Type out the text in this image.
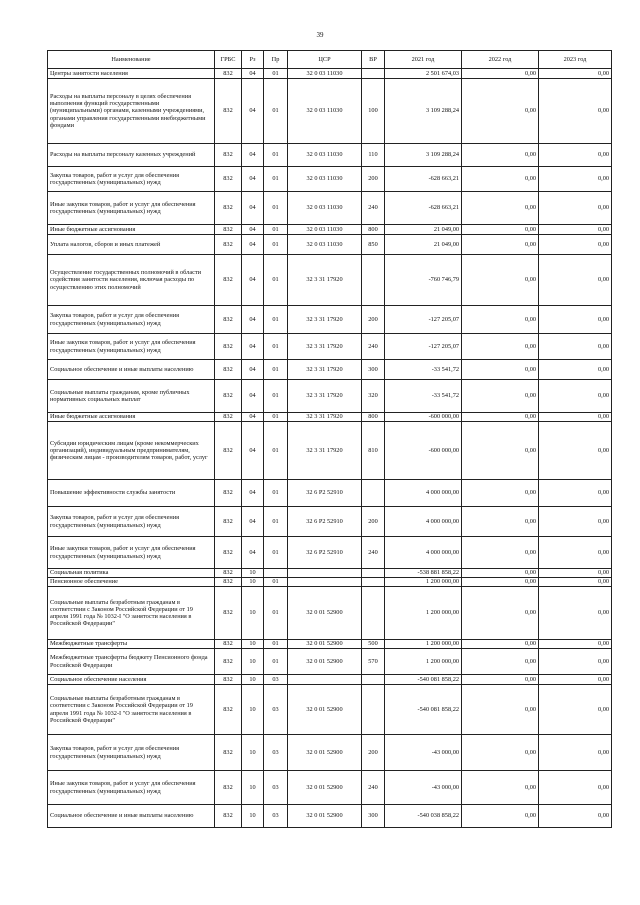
39
Наименование	ГРБС	Рз	Пр	ЦСР	ВР	2021 год	2022 год	2023 год
Центры занятости населения	832	04	01	32 0 03 11030		2 501 674,03	0,00	0,00
Расходы на выплаты персоналу в целях обеспечения выполнения функций государственными (муниципальными) органами, казенными учреждениями, органами управления государственными внебюджетными фондами	832	04	01	32 0 03 11030	100	3 109 288,24	0,00	0,00
Расходы на выплаты персоналу казенных учреждений	832	04	01	32 0 03 11030	110	3 109 288,24	0,00	0,00
Закупка товаров, работ и услуг для обеспечения государственных (муниципальных) нужд	832	04	01	32 0 03 11030	200	-628 663,21	0,00	0,00
Иные закупки товаров, работ и услуг для обеспечения государственных (муниципальных) нужд	832	04	01	32 0 03 11030	240	-628 663,21	0,00	0,00
Иные бюджетные ассигнования	832	04	01	32 0 03 11030	800	21 049,00	0,00	0,00
Уплата налогов, сборов и иных платежей	832	04	01	32 0 03 11030	850	21 049,00	0,00	0,00
Осуществление государственных полномочий в области содействия занятости населения, включая расходы по осуществлению этих полномочий	832	04	01	32 3 31 17920		-760 746,79	0,00	0,00
Закупка товаров, работ и услуг для обеспечения государственных (муниципальных) нужд	832	04	01	32 3 31 17920	200	-127 205,07	0,00	0,00
Иные закупки товаров, работ и услуг для обеспечения государственных (муниципальных) нужд	832	04	01	32 3 31 17920	240	-127 205,07	0,00	0,00
Социальное обеспечение и иные выплаты населению	832	04	01	32 3 31 17920	300	-33 541,72	0,00	0,00
Социальные выплаты гражданам, кроме публичных нормативных социальных выплат	832	04	01	32 3 31 17920	320	-33 541,72	0,00	0,00
Иные бюджетные ассигнования	832	04	01	32 3 31 17920	800	-600 000,00	0,00	0,00
Субсидии юридическим лицам (кроме некоммерческих организаций), индивидуальным предпринимателям, физическим лицам - производителям товаров, работ, услуг	832	04	01	32 3 31 17920	810	-600 000,00	0,00	0,00
Повышение эффективности службы занятости	832	04	01	32 6 Р2 52910		4 000 000,00	0,00	0,00
Закупка товаров, работ и услуг для обеспечения государственных (муниципальных) нужд	832	04	01	32 6 Р2 52910	200	4 000 000,00	0,00	0,00
Иные закупки товаров, работ и услуг для обеспечения государственных (муниципальных) нужд	832	04	01	32 6 Р2 52910	240	4 000 000,00	0,00	0,00
Социальная политика	832	10				-538 881 858,22	0,00	0,00
Пенсионное обеспечение	832	10	01			1 200 000,00	0,00	0,00
Социальные выплаты безработным гражданам в соответствии с Законом Российской Федерации от 19 апреля 1991 года № 1032-I "О занятости населения в Российской Федерации"	832	10	01	32 0 01 52900		1 200 000,00	0,00	0,00
Межбюджетные трансферты	832	10	01	32 0 01 52900	500	1 200 000,00	0,00	0,00
Межбюджетные трансферты бюджету Пенсионного фонда Российской Федерации	832	10	01	32 0 01 52900	570	1 200 000,00	0,00	0,00
Социальное обеспечение населения	832	10	03			-540 081 858,22	0,00	0,00
Социальные выплаты безработным гражданам в соответствии с Законом Российской Федерации от 19 апреля 1991 года № 1032-I "О занятости населения в Российской Федерации"	832	10	03	32 0 01 52900		-540 081 858,22	0,00	0,00
Закупка товаров, работ и услуг для обеспечения государственных (муниципальных) нужд	832	10	03	32 0 01 52900	200	-43 000,00	0,00	0,00
Иные закупки товаров, работ и услуг для обеспечения государственных (муниципальных) нужд	832	10	03	32 0 01 52900	240	-43 000,00	0,00	0,00
Социальное обеспечение и иные выплаты населению	832	10	03	32 0 01 52900	300	-540 038 858,22	0,00	0,00
